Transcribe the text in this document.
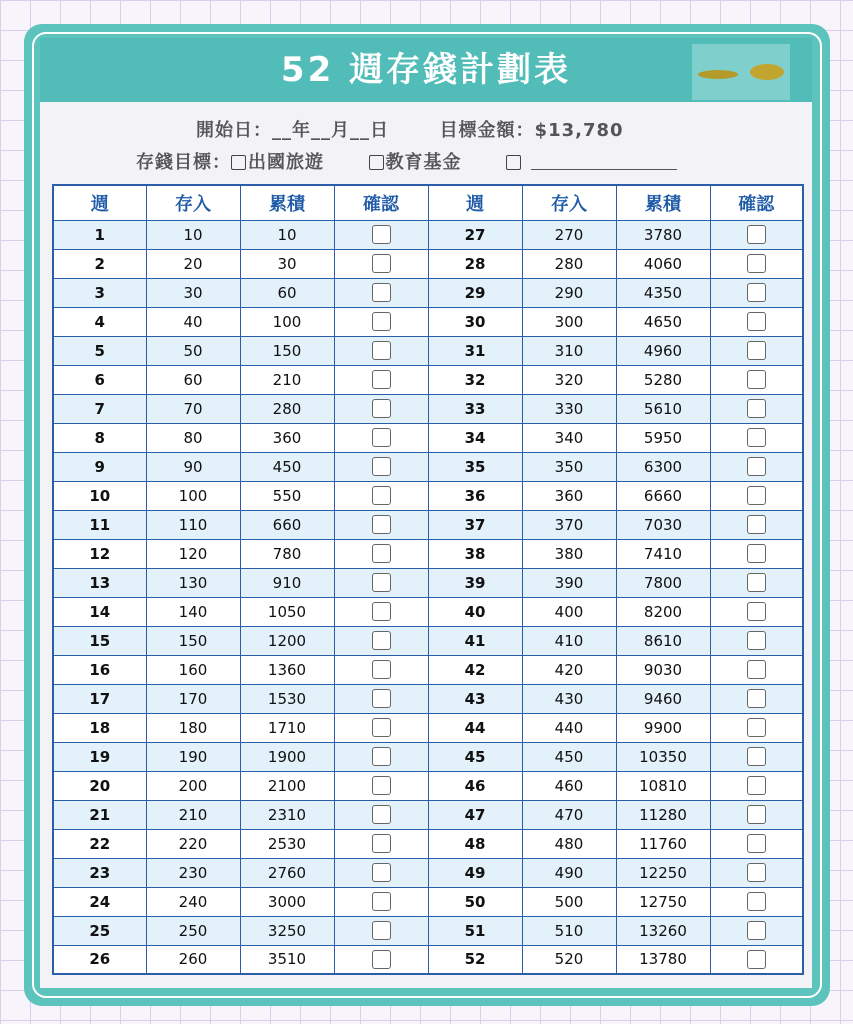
52 週存錢計劃表
開始日：__年__月__日	目標金額：$13,780
存錢目標： 出國旅遊	教育基金
週	存入	累積	確認	週	存入	累積	確認
1	10	10		27	270	3780	
2	20	30		28	280	4060	
3	30	60		29	290	4350	
4	40	100		30	300	4650	
5	50	150		31	310	4960	
6	60	210		32	320	5280	
7	70	280		33	330	5610	
8	80	360		34	340	5950	
9	90	450		35	350	6300	
10	100	550		36	360	6660	
11	110	660		37	370	7030	
12	120	780		38	380	7410	
13	130	910		39	390	7800	
14	140	1050		40	400	8200	
15	150	1200		41	410	8610	
16	160	1360		42	420	9030	
17	170	1530		43	430	9460	
18	180	1710		44	440	9900	
19	190	1900		45	450	10350	
20	200	2100		46	460	10810	
21	210	2310		47	470	11280	
22	220	2530		48	480	11760	
23	230	2760		49	490	12250	
24	240	3000		50	500	12750	
25	250	3250		51	510	13260	
26	260	3510		52	520	13780	
